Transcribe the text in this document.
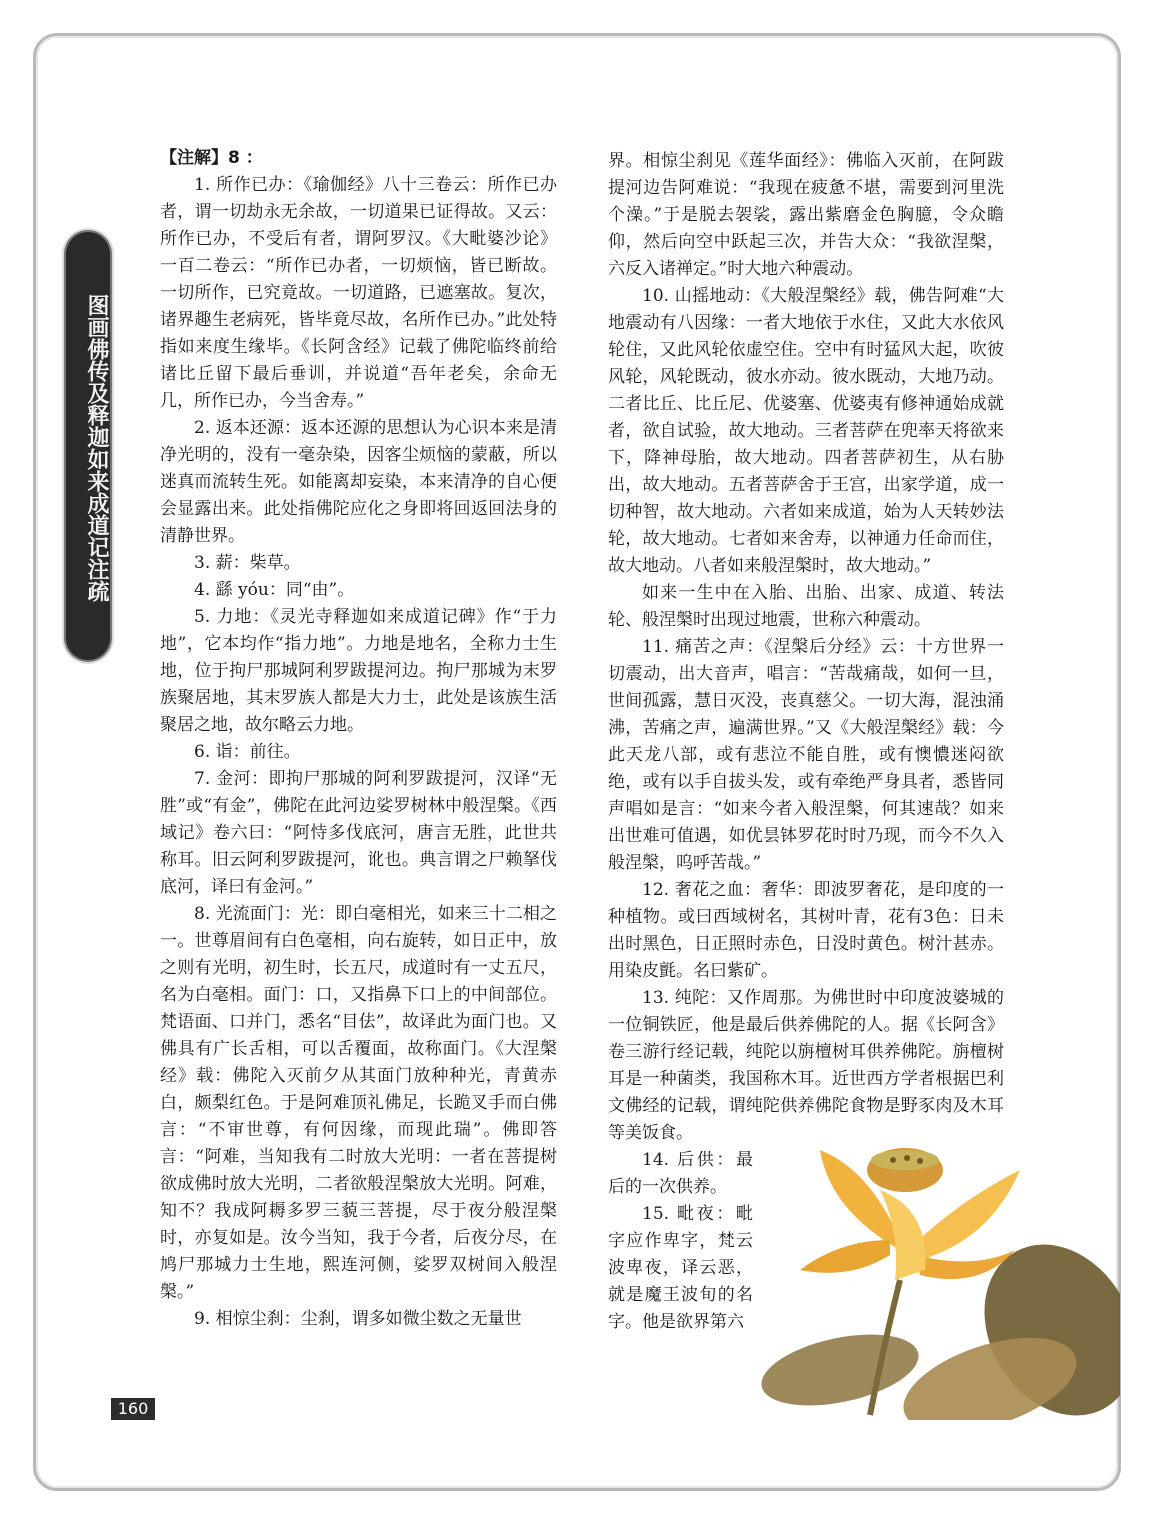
图画佛传及释迦如来成道记注疏

【注解】8 ：

1. 所作已办：《瑜伽经》八十三卷云：所作已办者，谓一切劫永无余故，一切道果已证得故。又云：所作已办，不受后有者，谓阿罗汉。《大毗婆沙论》一百二卷云：“所作已办者，一切烦恼，皆已断故。一切所作，已究竟故。一切道路，已遮塞故。复次，诸界趣生老病死，皆毕竟尽故，名所作已办。”此处特指如来度生缘毕。《长阿含经》记载了佛陀临终前给诸比丘留下最后垂训，并说道“吾年老矣，余命无几，所作已办，今当舍寿。”

2. 返本还源：返本还源的思想认为心识本来是清净光明的，没有一毫杂染，因客尘烦恼的蒙蔽，所以迷真而流转生死。如能离却妄染，本来清净的自心便会显露出来。此处指佛陀应化之身即将回返回法身的清静世界。

3. 薪：柴草。

4. 繇 yóu：同“由”。

5. 力地：《灵光寺释迦如来成道记碑》作“于力地”，它本均作“指力地”。力地是地名，全称力士生地，位于拘尸那城阿利罗跋提河边。拘尸那城为末罗族聚居地，其末罗族人都是大力士，此处是该族生活聚居之地，故尔略云力地。

6. 诣：前往。

7. 金河：即拘尸那城的阿利罗跋提河，汉译“无胜”或“有金”，佛陀在此河边娑罗树林中般涅槃。《西域记》卷六曰：“阿恃多伐底河，唐言无胜，此世共称耳。旧云阿利罗跋提河，讹也。典言谓之尸赖拏伐底河，译曰有金河。”

8. 光流面门：光：即白毫相光，如来三十二相之一。世尊眉间有白色毫相，向右旋转，如日正中，放之则有光明，初生时，长五尺，成道时有一丈五尺，名为白毫相。面门：口，又指鼻下口上的中间部位。梵语面、口并门，悉名“目佉”，故译此为面门也。又佛具有广长舌相，可以舌覆面，故称面门。《大涅槃经》载：佛陀入灭前夕从其面门放种种光，青黄赤白，颇梨红色。于是阿难顶礼佛足，长跪叉手而白佛言：“不审世尊，有何因缘，而现此瑞”。佛即答言：“阿难，当知我有二时放大光明：一者在菩提树欲成佛时放大光明，二者欲般涅槃放大光明。阿难，知不？我成阿耨多罗三藐三菩提，尽于夜分般涅槃时，亦复如是。汝今当知，我于今者，后夜分尽，在鸠尸那城力士生地，熙连河侧，娑罗双树间入般涅槃。”

9. 相惊尘刹：尘刹，谓多如微尘数之无量世

界。相惊尘刹见《莲华面经》：佛临入灭前，在阿跋提河边告阿难说：“我现在疲惫不堪，需要到河里洗个澡。”于是脱去袈裟，露出紫磨金色胸臆，令众瞻仰，然后向空中跃起三次，并告大众：“我欲涅槃，六反入诸禅定。”时大地六种震动。

10. 山摇地动：《大般涅槃经》载，佛告阿难“大地震动有八因缘：一者大地依于水住，又此大水依风轮住，又此风轮依虚空住。空中有时猛风大起，吹彼风轮，风轮既动，彼水亦动。彼水既动，大地乃动。二者比丘、比丘尼、优婆塞、优婆夷有修神通始成就者，欲自试验，故大地动。三者菩萨在兜率天将欲来下，降神母胎，故大地动。四者菩萨初生，从右胁出，故大地动。五者菩萨舍于王宫，出家学道，成一切种智，故大地动。六者如来成道，始为人天转妙法轮，故大地动。七者如来舍寿，以神通力任命而住，故大地动。八者如来般涅槃时，故大地动。”

如来一生中在入胎、出胎、出家、成道、转法轮、般涅槃时出现过地震，世称六种震动。

11. 痛苦之声：《涅槃后分经》云：十方世界一切震动，出大音声，唱言：“苦哉痛哉，如何一旦，世间孤露，慧日灭没，丧真慈父。一切大海，混浊涌沸，苦痛之声，遍满世界。”又《大般涅槃经》载：今此天龙八部，或有悲泣不能自胜，或有懊憹迷闷欲绝，或有以手自拔头发，或有牵绝严身具者，悉皆同声唱如是言：“如来今者入般涅槃，何其速哉？如来出世难可值遇，如优昙钵罗花时时乃现，而今不久入般涅槃，呜呼苦哉。”

12. 奢花之血：奢华：即波罗奢花，是印度的一种植物。或曰西域树名，其树叶青，花有3色：日未出时黑色，日正照时赤色，日没时黄色。树汁甚赤。用染皮氈。名曰紫矿。

13. 纯陀：又作周那。为佛世时中印度波婆城的一位铜铁匠，他是最后供养佛陀的人。据《长阿含》卷三游行经记载，纯陀以旃檀树耳供养佛陀。旃檀树耳是一种菌类，我国称木耳。近世西方学者根据巴利文佛经的记载，谓纯陀供养佛陀食物是野豕肉及木耳等美饭食。

14. 后供：最后的一次供养。

15. 毗夜：毗字应作卑字，梵云波卑夜，译云恶，就是魔王波旬的名字。他是欲界第六

160
